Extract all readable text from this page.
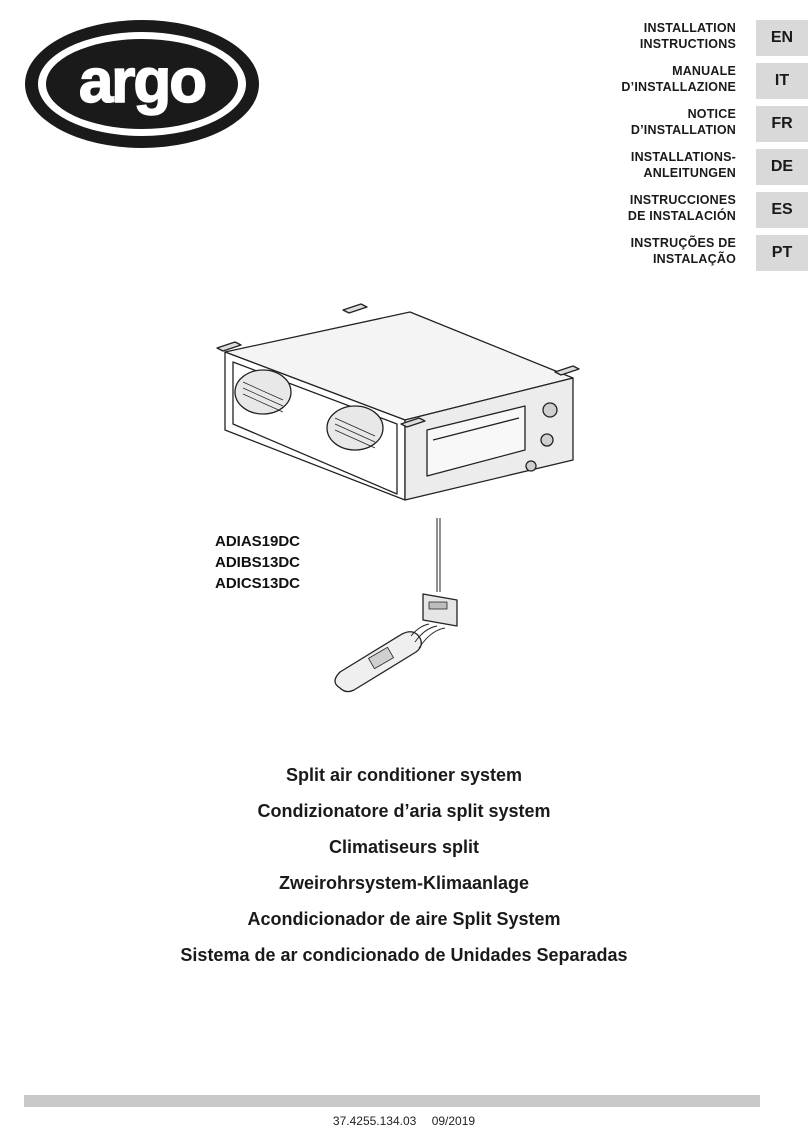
argo
INSTALLATION
INSTRUCTIONS	EN
MANUALE
D’INSTALLAZIONE	IT
NOTICE
D’INSTALLATION	FR
INSTALLATIONS-
ANLEITUNGEN	DE
INSTRUCCIONES
DE INSTALACIÓN	ES
INSTRUÇÕES DE
INSTALAÇÃO	PT
ADIAS19DC
ADIBS13DC
ADICS13DC
Split air conditioner system
Condizionatore d’aria split system
Climatiseurs split
Zweirohrsystem-Klimaanlage
Acondicionador de aire Split System
Sistema de ar condicionado de Unidades Separadas
37.4255.134.03 09/2019
